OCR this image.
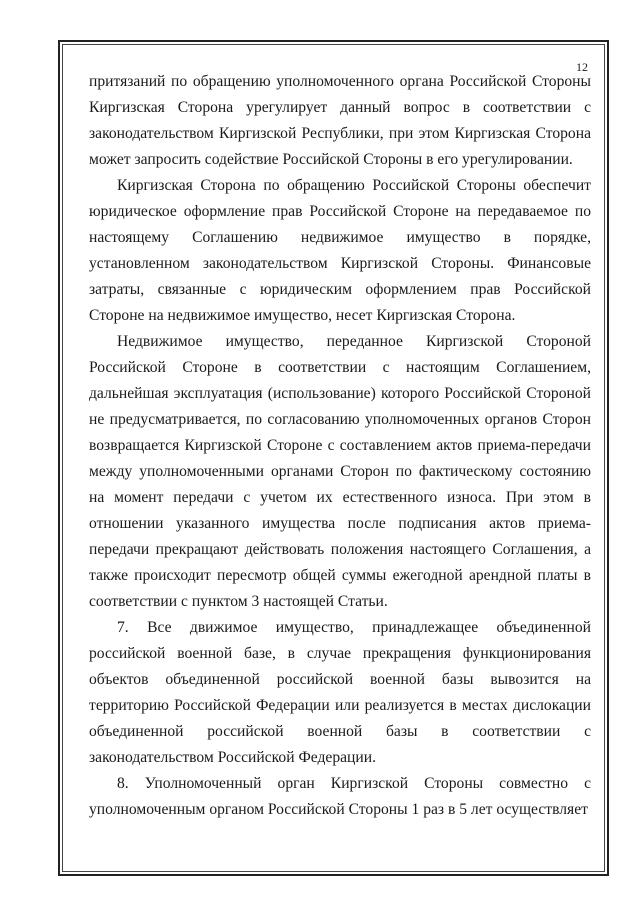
12

притязаний по обращению уполномоченного органа Российской Стороны Киргизская Сторона урегулирует данный вопрос в соответствии с законодательством Киргизской Республики, при этом Киргизская Сторона может запросить содействие Российской Стороны в его урегулировании.

Киргизская Сторона по обращению Российской Стороны обеспечит юридическое оформление прав Российской Стороне на передаваемое по настоящему Соглашению недвижимое имущество в порядке, установленном законодательством Киргизской Стороны. Финансовые затраты, связанные с юридическим оформлением прав Российской Стороне на недвижимое имущество, несет Киргизская Сторона.

Недвижимое имущество, переданное Киргизской Стороной Российской Стороне в соответствии с настоящим Соглашением, дальнейшая эксплуатация (использование) которого Российской Стороной не предусматривается, по согласованию уполномоченных органов Сторон возвращается Киргизской Стороне с составлением актов приема-передачи между уполномоченными органами Сторон по фактическому состоянию на момент передачи с учетом их естественного износа. При этом в отношении указанного имущества после подписания актов приема-передачи прекращают действовать положения настоящего Соглашения, а также происходит пересмотр общей суммы ежегодной арендной платы в соответствии с пунктом 3 настоящей Статьи.

7. Все движимое имущество, принадлежащее объединенной российской военной базе, в случае прекращения функционирования объектов объединенной российской военной базы вывозится на территорию Российской Федерации или реализуется в местах дислокации объединенной российской военной базы в соответствии с законодательством Российской Федерации.

8. Уполномоченный орган Киргизской Стороны совместно с уполномоченным органом Российской Стороны 1 раз в 5 лет осуществляет
